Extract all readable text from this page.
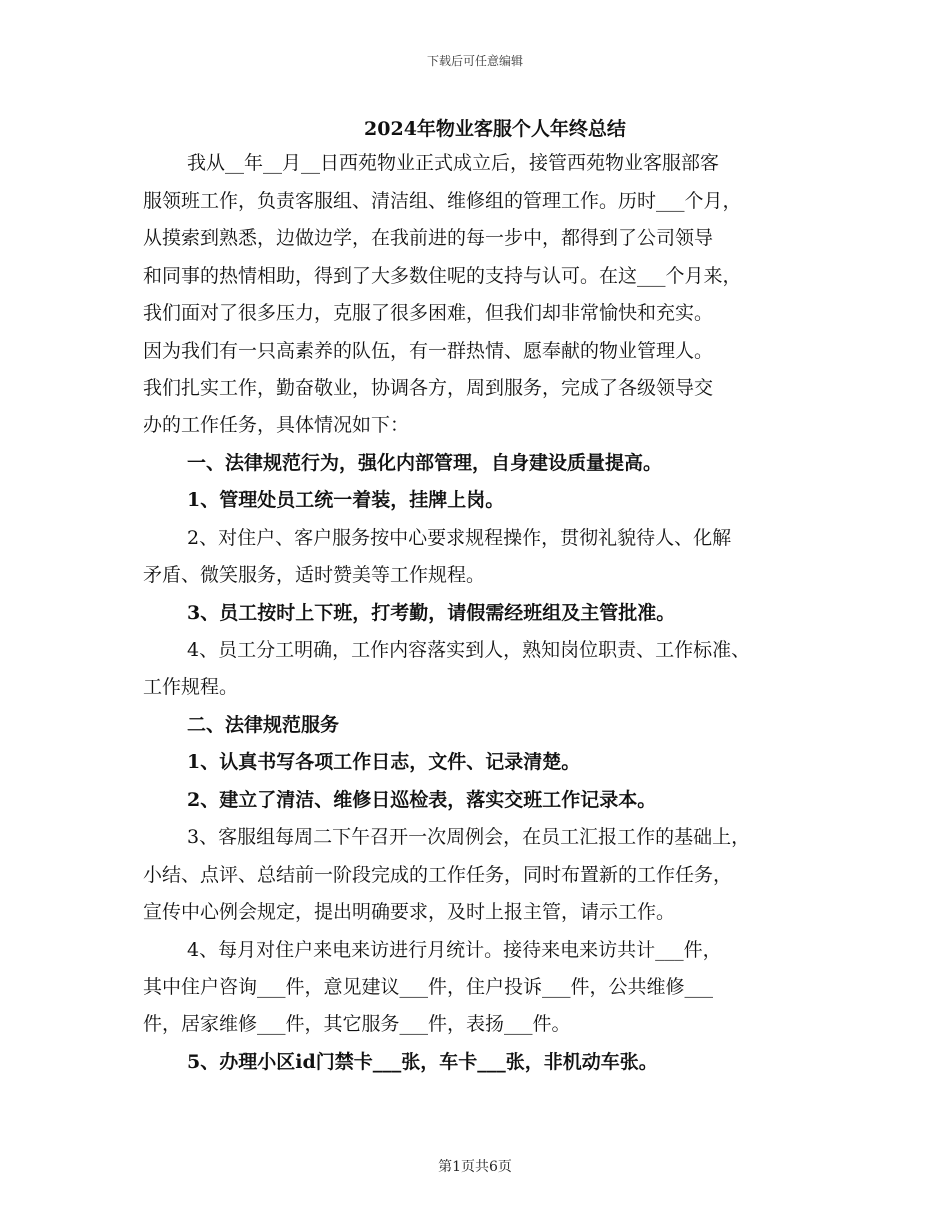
下载后可任意编辑
2024年物业客服个人年终总结
我从__年__月__日西苑物业正式成立后，接管西苑物业客服部客
服领班工作，负责客服组、清洁组、维修组的管理工作。历时___个月，
从摸索到熟悉，边做边学，在我前进的每一步中，都得到了公司领导
和同事的热情相助，得到了大多数住呢的支持与认可。在这___个月来，
我们面对了很多压力，克服了很多困难，但我们却非常愉快和充实。
因为我们有一只高素养的队伍，有一群热情、愿奉献的物业管理人。
我们扎实工作，勤奋敬业，协调各方，周到服务，完成了各级领导交
办的工作任务，具体情况如下：
一、法律规范行为，强化内部管理，自身建设质量提高。
1、管理处员工统一着装，挂牌上岗。
2、对住户、客户服务按中心要求规程操作，贯彻礼貌待人、化解
矛盾、微笑服务，适时赞美等工作规程。
3、员工按时上下班，打考勤，请假需经班组及主管批准。
4、员工分工明确，工作内容落实到人，熟知岗位职责、工作标准、
工作规程。
二、法律规范服务
1、认真书写各项工作日志，文件、记录清楚。
2、建立了清洁、维修日巡检表，落实交班工作记录本。
3、客服组每周二下午召开一次周例会，在员工汇报工作的基础上，
小结、点评、总结前一阶段完成的工作任务，同时布置新的工作任务，
宣传中心例会规定，提出明确要求，及时上报主管，请示工作。
4、每月对住户来电来访进行月统计。接待来电来访共计___件，
其中住户咨询___件，意见建议___件，住户投诉___件，公共维修___
件，居家维修___件，其它服务___件，表扬___件。
5、办理小区id门禁卡___张，车卡___张，非机动车张。
第1页共6页
